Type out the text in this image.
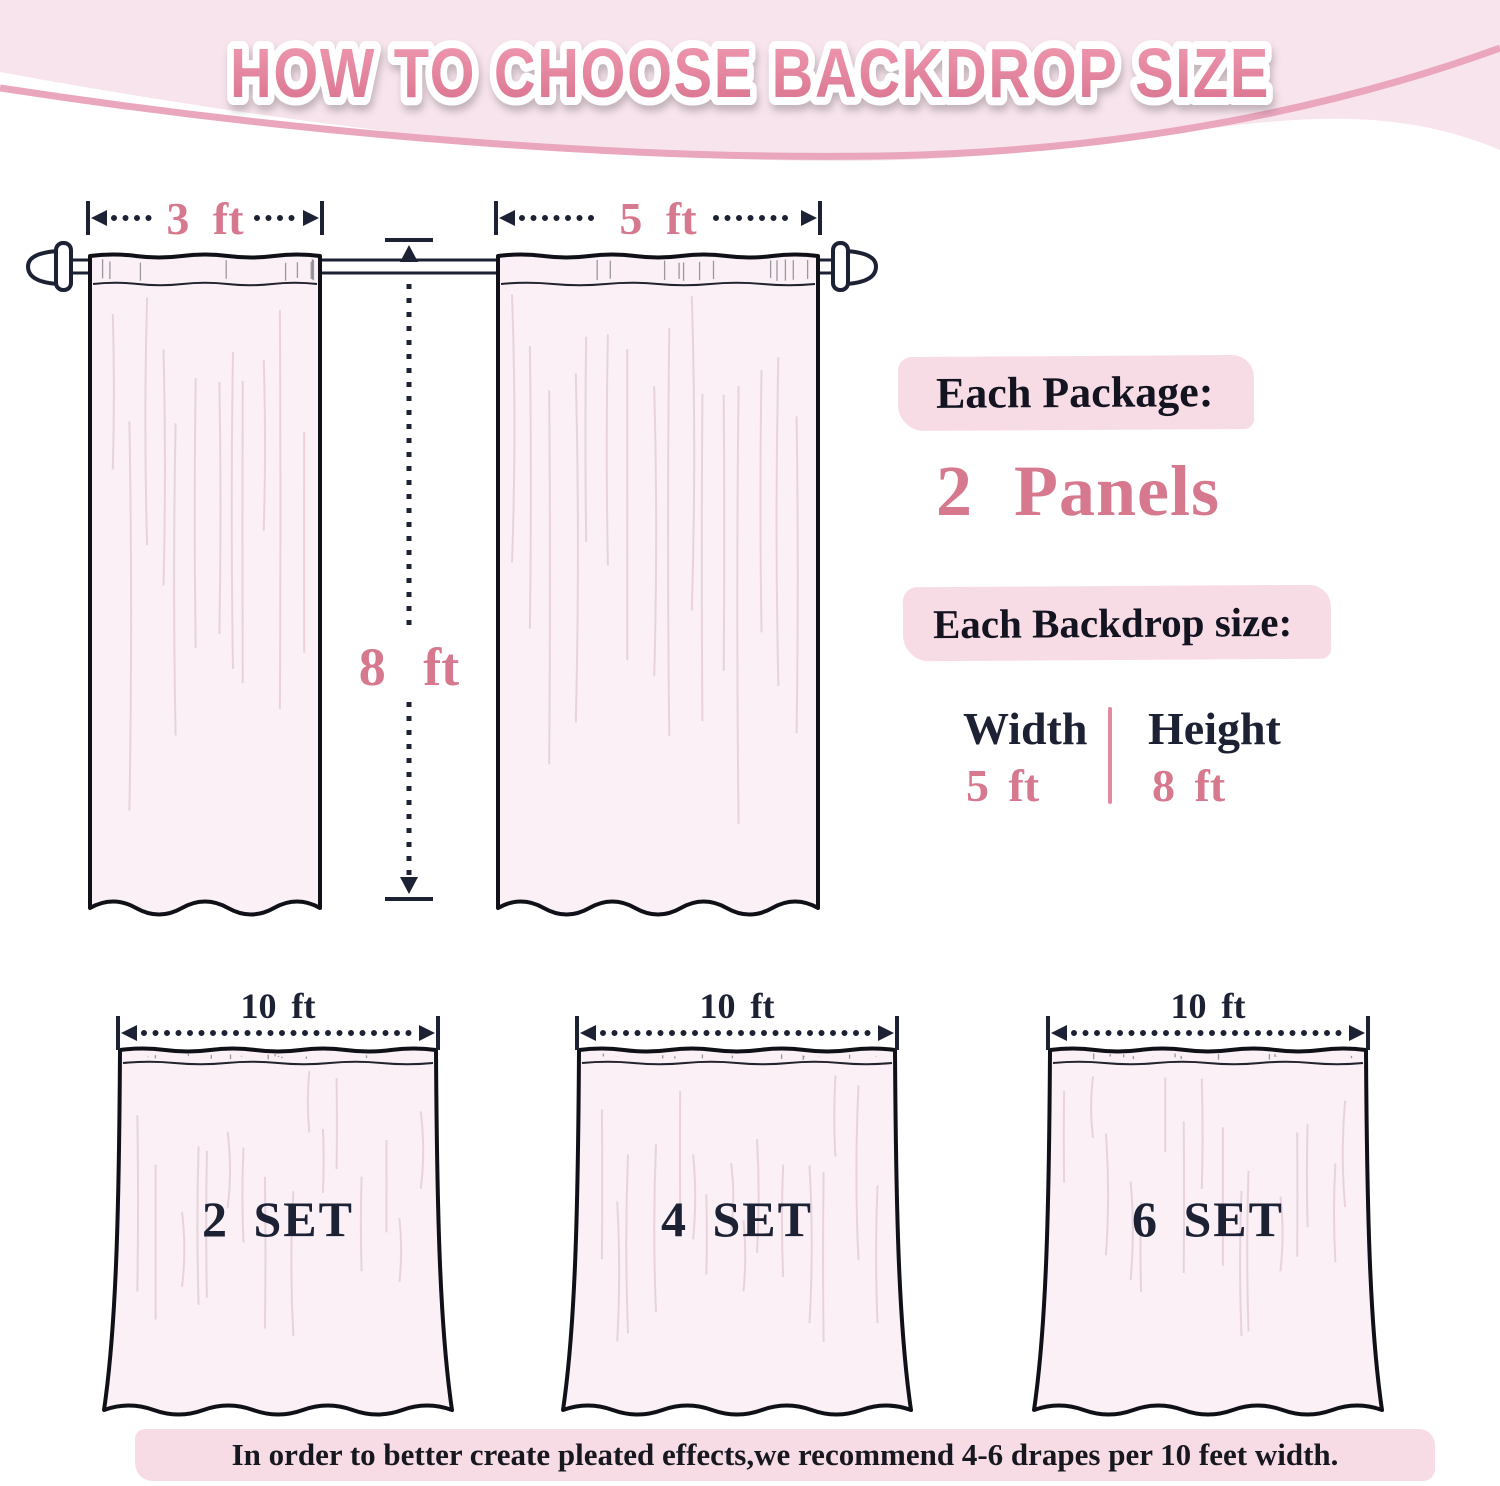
HOW TO CHOOSE BACKDROP SIZE
3 ft	5 ft
8 ft
Each Package:
2 Panels
Each Backdrop size:
Width Height
5 ft 8 ft
10 ft	10 ft	10 ft
2 SET	4 SET	6 SET
In order to better create pleated effects,we recommend 4-6 drapes per 10 feet width.
